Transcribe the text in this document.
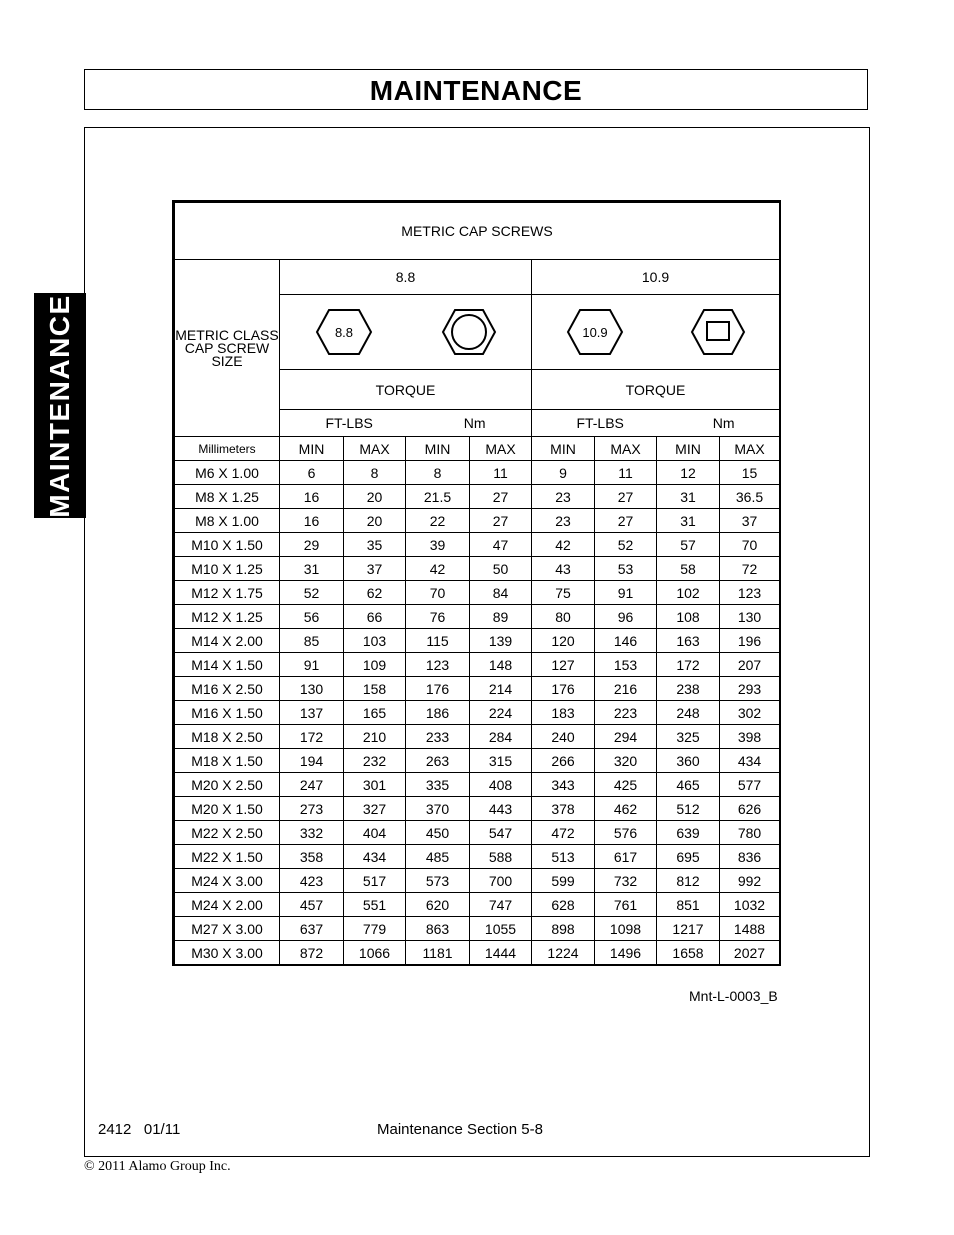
MAINTENANCE
MAINTENANCE
METRIC CAP SCREWS								

METRIC CLASS
CAP SCREW
SIZE	8.8				10.9			

8.8				10.9			

	TORQUE				TORQUE			

	FT-LBS Nm				FT-LBS Nm			

Millimeters	MIN	MAX	MIN	MAX	MIN	MAX	MIN	MAX
M6 X 1.00	6	8	8	11	9	11	12	15
M8 X 1.25	16	20	21.5	27	23	27	31	36.5
M8 X 1.00	16	20	22	27	23	27	31	37
M10 X 1.50	29	35	39	47	42	52	57	70
M10 X 1.25	31	37	42	50	43	53	58	72
M12 X 1.75	52	62	70	84	75	91	102	123
M12 X 1.25	56	66	76	89	80	96	108	130
M14 X 2.00	85	103	115	139	120	146	163	196
M14 X 1.50	91	109	123	148	127	153	172	207
M16 X 2.50	130	158	176	214	176	216	238	293
M16 X 1.50	137	165	186	224	183	223	248	302
M18 X 2.50	172	210	233	284	240	294	325	398
M18 X 1.50	194	232	263	315	266	320	360	434
M20 X 2.50	247	301	335	408	343	425	465	577
M20 X 1.50	273	327	370	443	378	462	512	626
M22 X 2.50	332	404	450	547	472	576	639	780
M22 X 1.50	358	434	485	588	513	617	695	836
M24 X 3.00	423	517	573	700	599	732	812	992
M24 X 2.00	457	551	620	747	628	761	851	1032
M27 X 3.00	637	779	863	1055	898	1098	1217	1488
M30 X 3.00	872	1066	1181	1444	1224	1496	1658	2027
Mnt-L-0003_B
2412   01/11	Maintenance Section 5-8
© 2011 Alamo Group Inc.
